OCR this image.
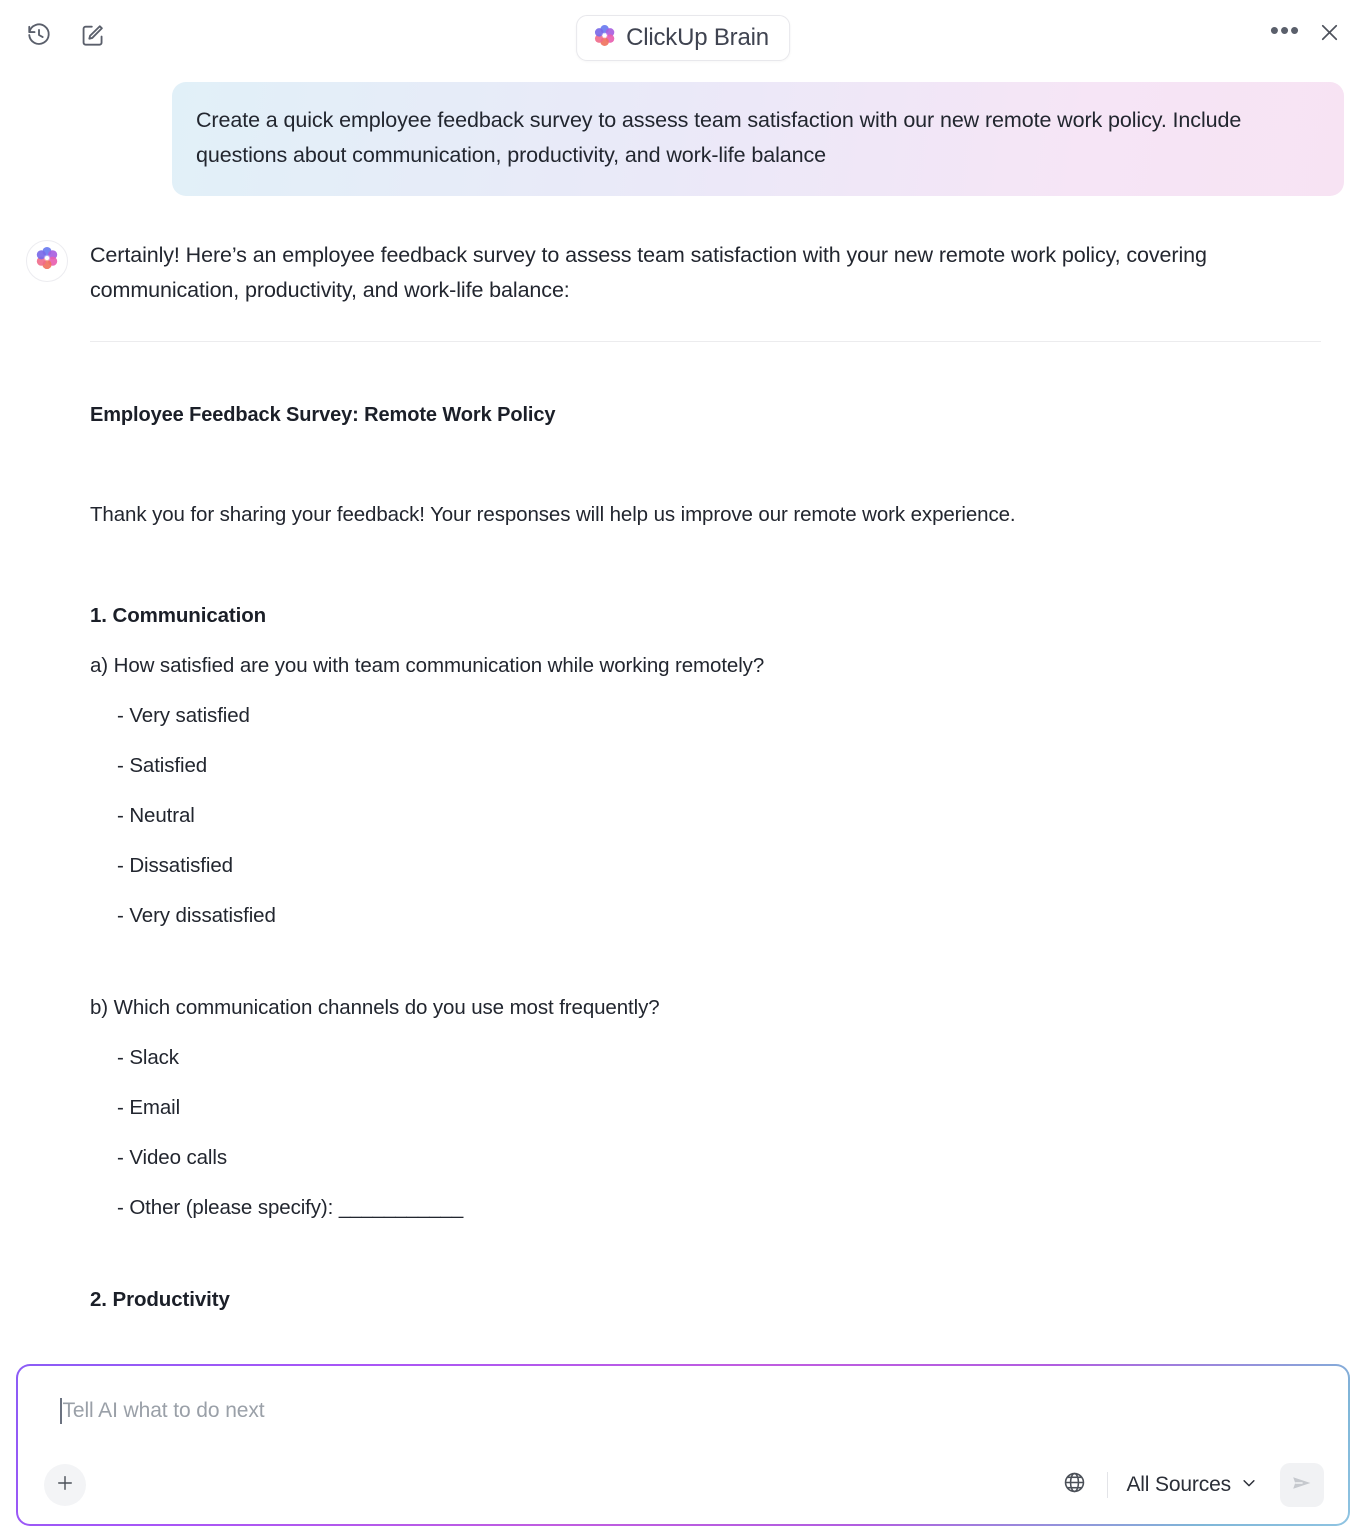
ClickUp Brain	•••
Create a quick employee feedback survey to assess team satisfaction with our new remote work policy. Include questions about communication, productivity, and work-life balance
Certainly! Here’s an employee feedback survey to assess team satisfaction with your new remote work policy, covering communication, productivity, and work-life balance:
Employee Feedback Survey: Remote Work Policy
Thank you for sharing your feedback! Your responses will help us improve our remote work experience.
1. Communication
a) How satisfied are you with team communication while working remotely?
- Very satisfied
- Satisfied
- Neutral
- Dissatisfied
- Very dissatisfied
b) Which communication channels do you use most frequently?
- Slack
- Email
- Video calls
- Other (please specify): ___________
2. Productivity
Tell AI what to do next
All Sources
